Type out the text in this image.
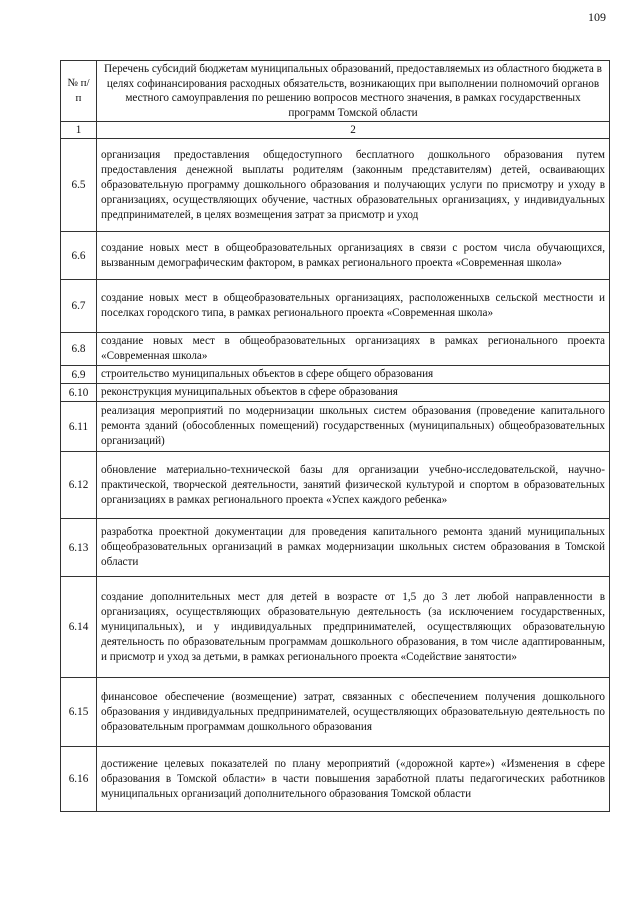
109
№ п/п	Перечень субсидий бюджетам муниципальных образований, предоставляемых из областного бюджета в целях софинансирования расходных обязательств, возникающих при выполнении полномочий органов местного самоуправления по решению вопросов местного значения, в рамках государственных программ Томской области
1	2
6.5	организация предоставления общедоступного бесплатного дошкольного образования путем предоставления денежной выплаты родителям (законным представителям) детей, осваивающих образовательную программу дошкольного образования и получающих услуги по присмотру и уходу в организациях, осуществляющих обучение, частных образовательных организациях, у индивидуальных предпринимателей, в целях возмещения затрат за присмотр и уход
6.6	создание новых мест в общеобразовательных организациях в связи с ростом числа обучающихся, вызванным демографическим фактором, в рамках регионального проекта «Современная школа»
6.7	создание новых мест в общеобразовательных организациях, расположенныхв сельской местности и поселках городского типа, в рамках регионального проекта «Современная школа»
6.8	создание новых мест в общеобразовательных организациях в рамках регионального проекта «Современная школа»
6.9	строительство муниципальных объектов в сфере общего образования
6.10	реконструкция муниципальных объектов в сфере образования
6.11	реализация мероприятий по модернизации школьных систем образования (проведение капитального ремонта зданий (обособленных помещений) государственных (муниципальных) общеобразовательных организаций)
6.12	обновление материально-технической базы для организации учебно-исследовательской, научно-практической, творческой деятельности, занятий физической культурой и спортом в образовательных организациях в рамках регионального проекта «Успех каждого ребенка»
6.13	разработка проектной документации для проведения капитального ремонта зданий муниципальных общеобразовательных организаций в рамках модернизации школьных систем образования в Томской области
6.14	создание дополнительных мест для детей в возрасте от 1,5 до 3 лет любой направленности в организациях, осуществляющих образовательную деятельность (за исключением государственных, муниципальных), и у индивидуальных предпринимателей, осуществляющих образовательную деятельность по образовательным программам дошкольного образования, в том числе адаптированным, и присмотр и уход за детьми, в рамках регионального проекта «Содействие занятости»
6.15	финансовое обеспечение (возмещение) затрат, связанных с обеспечением получения дошкольного образования у индивидуальных предпринимателей, осуществляющих образовательную деятельность по образовательным программам дошкольного образования
6.16	достижение целевых показателей по плану мероприятий («дорожной карте») «Изменения в сфере образования в Томской области» в части повышения заработной платы педагогических работников муниципальных организаций дополнительного образования Томской области
